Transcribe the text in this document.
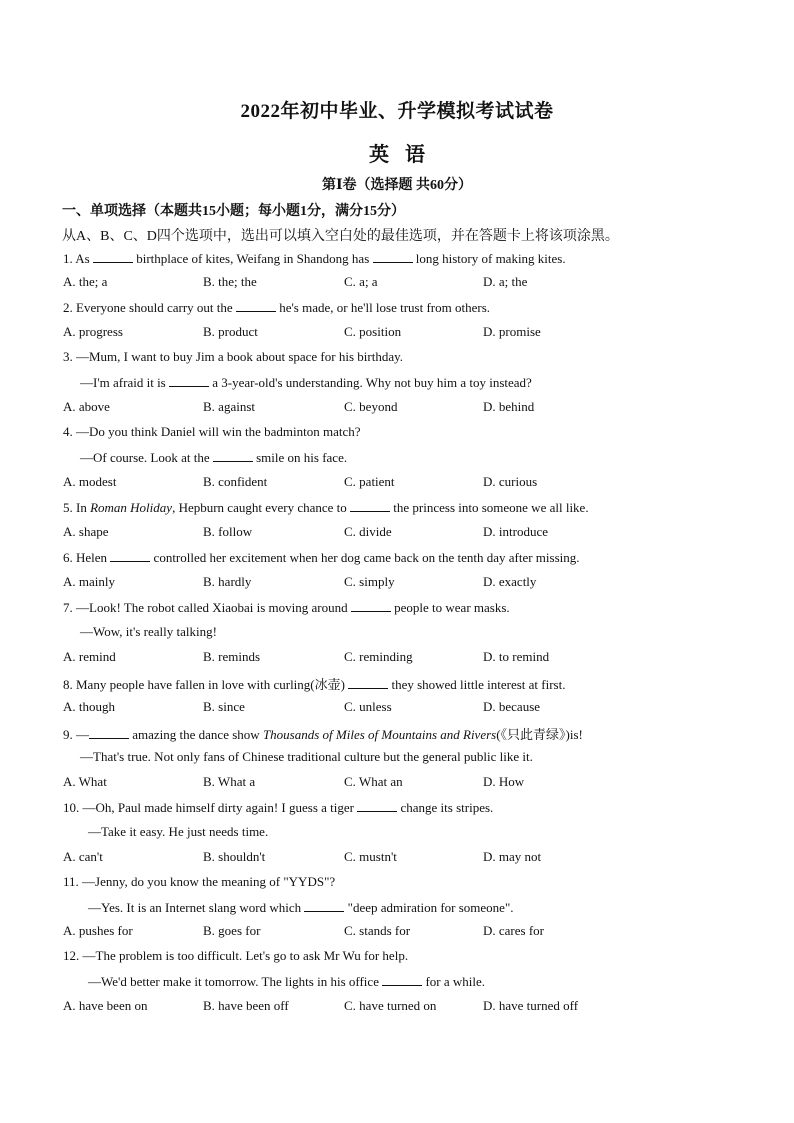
2022年初中毕业、升学模拟考试试卷
英语
第Ⅰ卷（选择题 共60分）
一、单项选择（本题共15小题；每小题1分，满分15分）
从A、B、C、D四个选项中，选出可以填入空白处的最佳选项，并在答题卡上将该项涂黑。
1. As	birthplace of kites, Weifang in Shandong has	long history of making kites.
A. the; a	B. the; the	C. a; a	D. a; the
2. Everyone should carry out the	he's made, or he'll lose trust from others.
A. progress	B. product	C. position	D. promise
3. —Mum, I want to buy Jim a book about space for his birthday.
—I'm afraid it is	a 3-year-old's understanding. Why not buy him a toy instead?
A. above	B. against	C. beyond	D. behind
4. —Do you think Daniel will win the badminton match?
—Of course. Look at the	smile on his face.
A. modest	B. confident	C. patient	D. curious
5. In Roman Holiday, Hepburn caught every chance to	the princess into someone we all like.
A. shape	B. follow	C. divide	D. introduce
6. Helen	controlled her excitement when her dog came back on the tenth day after missing.
A. mainly	B. hardly	C. simply	D. exactly
7. —Look! The robot called Xiaobai is moving around	people to wear masks.
—Wow, it's really talking!
A. remind	B. reminds	C. reminding	D. to remind
8. Many people have fallen in love with curling(冰壶)	they showed little interest at first.
A. though	B. since	C. unless	D. because
9. —	amazing the dance show Thousands of Miles of Mountains and Rivers(《只此青绿》)is!
—That's true. Not only fans of Chinese traditional culture but the general public like it.
A. What	B. What a	C. What an	D. How
10. —Oh, Paul made himself dirty again! I guess a tiger	change its stripes.
—Take it easy. He just needs time.
A. can't	B. shouldn't	C. mustn't	D. may not
11. —Jenny, do you know the meaning of "YYDS"?
—Yes. It is an Internet slang word which	"deep admiration for someone".
A. pushes for	B. goes for	C. stands for	D. cares for
12. —The problem is too difficult. Let's go to ask Mr Wu for help.
—We'd better make it tomorrow. The lights in his office	for a while.
A. have been on	B. have been off	C. have turned on	D. have turned off
